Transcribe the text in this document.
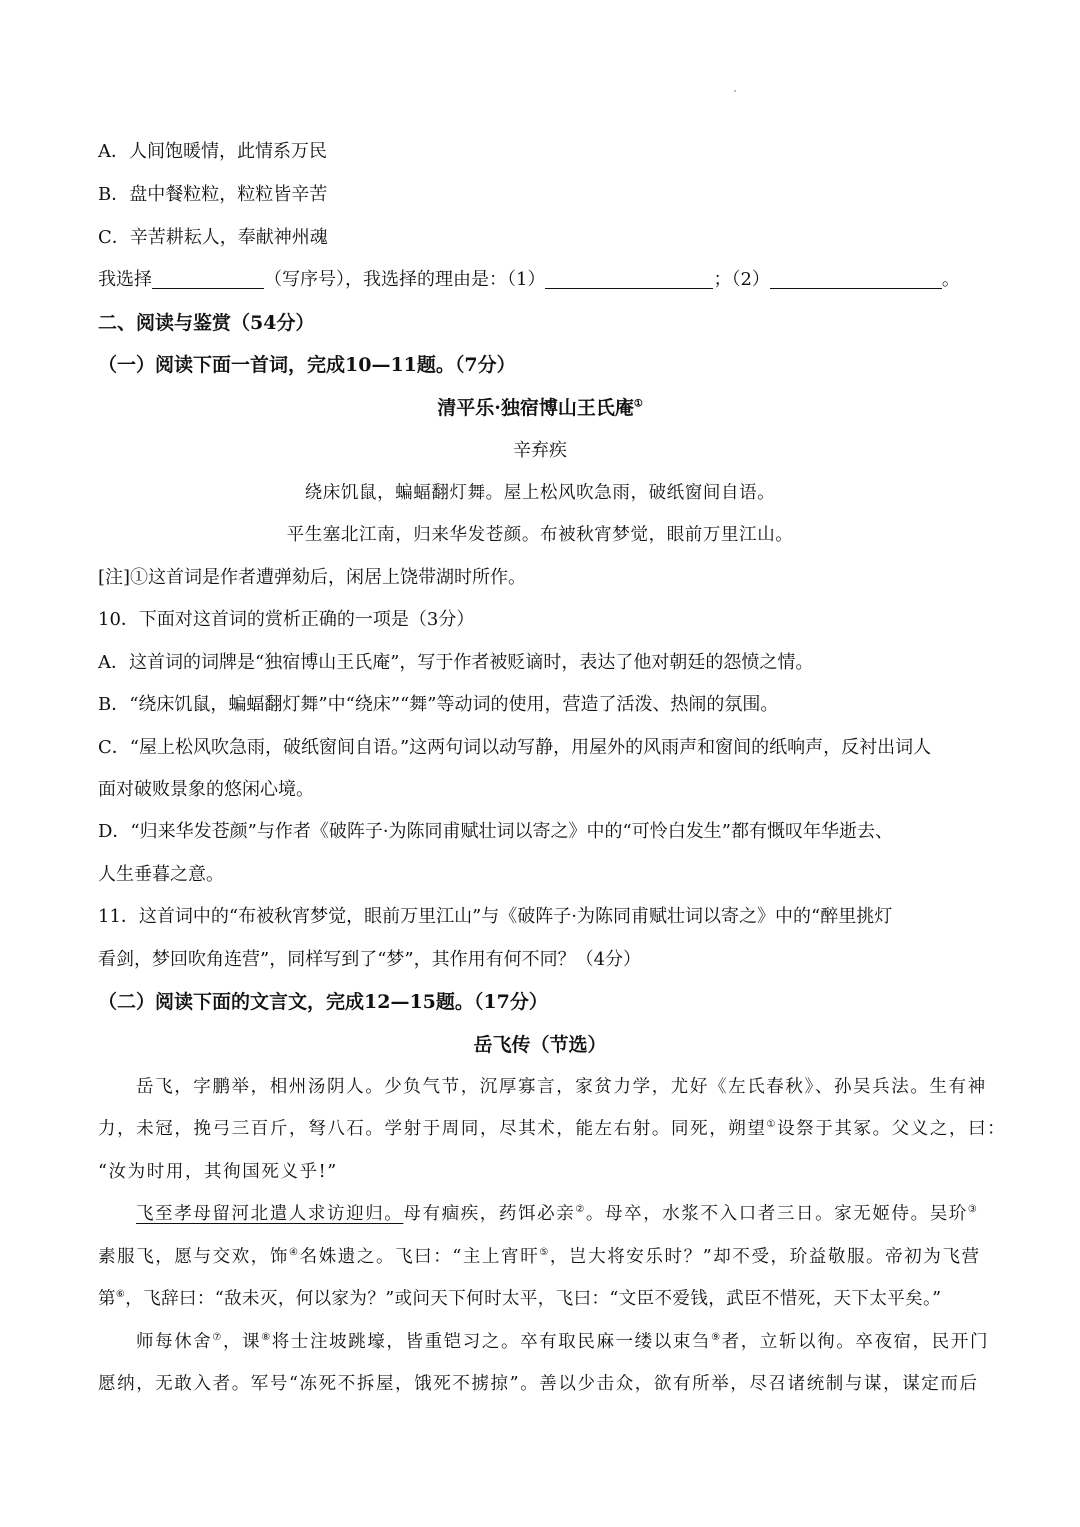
A．人间饱暖情，此情系万民
B．盘中餐粒粒，粒粒皆辛苦
C．辛苦耕耘人，奉献神州魂
我选择	（写序号），我选择的理由是：（1）	；（2）	。
二、阅读与鉴赏（54分）
（一）阅读下面一首词，完成10—11题。（7分）
清平乐·独宿博山王氏庵①
辛弃疾
绕床饥鼠，蝙蝠翻灯舞。屋上松风吹急雨，破纸窗间自语。
平生塞北江南，归来华发苍颜。布被秋宵梦觉，眼前万里江山。
[注]①这首词是作者遭弹劾后，闲居上饶带湖时所作。
10．下面对这首词的赏析正确的一项是（3分）
A．这首词的词牌是“独宿博山王氏庵”，写于作者被贬谪时，表达了他对朝廷的怨愤之情。
B．“绕床饥鼠，蝙蝠翻灯舞”中“绕床”“舞”等动词的使用，营造了活泼、热闹的氛围。
C．“屋上松风吹急雨，破纸窗间自语。”这两句词以动写静，用屋外的风雨声和窗间的纸响声，反衬出词人
面对破败景象的悠闲心境。
D．“归来华发苍颜”与作者《破阵子·为陈同甫赋壮词以寄之》中的“可怜白发生”都有慨叹年华逝去、
人生垂暮之意。
11．这首词中的“布被秋宵梦觉，眼前万里江山”与《破阵子·为陈同甫赋壮词以寄之》中的“醉里挑灯
看剑，梦回吹角连营”，同样写到了“梦”，其作用有何不同？（4分）
（二）阅读下面的文言文，完成12—15题。（17分）
岳飞传（节选）
岳飞，字鹏举，相州汤阴人。少负气节，沉厚寡言，家贫力学，尤好《左氏春秋》、孙吴兵法。生有神
力，未冠，挽弓三百斤，弩八石。学射于周同，尽其术，能左右射。同死，朔望①设祭于其冢。父义之，曰：
“汝为时用，其徇国死义乎!”
飞至孝母留河北遣人求访迎归。母有痼疾，药饵必亲②。母卒，水浆不入口者三日。家无姬侍。吴玠③
素服飞，愿与交欢，饰④名姝遗之。飞曰：“主上宵旰⑤，岂大将安乐时？”却不受，玠益敬服。帝初为飞营
第⑥，飞辞曰：“敌未灭，何以家为？”或问天下何时太平，飞曰：“文臣不爱钱，武臣不惜死，天下太平矣。”
师每休舍⑦，课⑧将士注坡跳壕，皆重铠习之。卒有取民麻一缕以束刍⑨者，立斩以徇。卒夜宿，民开门
愿纳，无敢入者。军号“冻死不拆屋，饿死不掳掠”。善以少击众，欲有所举，尽召诸统制与谋，谋定而后
